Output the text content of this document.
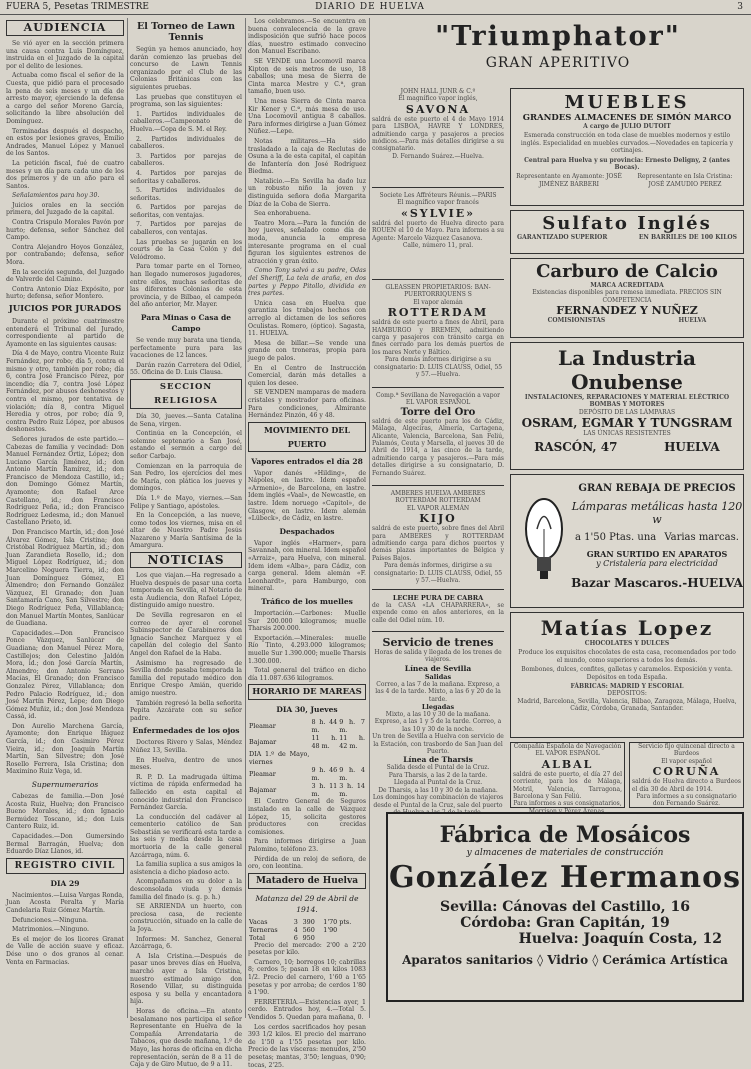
FUERA 5, Pesetas TRIMESTRE	DIARIO DE HUELVA	3
AUDIENCIA

Se vió ayer en la sección primera una causa contra Luis Domínguez, instruida en el Juzgado de la capital por el delito de lesiones.

Actuaba como fiscal el señor de la Cuesta, que pidió para el procesado la pena de seis meses y un día de arresto mayor, ejerciendo la defensa a cargo del señor Moreno García, solicitando la libre absolución del Domínguez.

Terminadas después el despacho, en estos por lesiones graves, Emilio Andrades, Manuel López y Manuel de los Santos.

La petición fiscal, fué de cuatro meses y un día para cada uno de los dos primeros y de un año para el Santos.

Señalamientos para hoy 30.

Juicios orales en la sección primera, del Juzgado de la capital.

Contra Crispulo Morales Pavón por hurto; defensa, señor Sánchez del Campo.

Contra Alejandro Hoyos González, por contrabando; defensa, señor Mora.

En la sección segunda, del Juzgado de Valverde del Camino.

Contra Antonio Díaz Expósito, por hurto; defensa, señor Montero.

JUICIOS POR JURADOS

Durante el próximo cuatrimestre entenderá el Tribunal del Jurado, correspondiente al partido de Ayamonte en las siguientes causas:

Día 4 de Mayo, contra Vicente Ruiz Fernández, por robo; día 5, contra el mismo y otro, también por robo; día 6, contra José Francisco Pérez, por incendio; día 7, contra José López Fernández, por abusos deshonestos y contra el mismo, por tentativa de violación; día 8, contra Miguel Heredia y otros, por robo; día 9, contra Pedro Ruiz López, por abusos deshonestos.

Señores jurados de este partido.—Cabezas de familia y vecindad: Don Manuel Fernández Ortiz, López; don Luciano García Jiménez, id.; don Antonio Martín Ramírez, id.; don Francisco de Mendoza Castillo, id.; don Domingo Gómez Martín, Ayamonte; don Rafael Arce Castellano, id.; don Francisco Rodríguez Peña, id.; don Francisco Rodríguez Ledesma, id.; don Manuel Castellano Prieto, id.

Don Francisco Martín, id.; don José Álvarez Gómez, Isla Cristina; don Cristóbal Rodríguez Martín, id.; don Juan Zarandieta Rosello, id.; don Miguel López Rodríguez, id.; don Marcelino Noguera Tierra, id.; don Juan Domínguez Gómez, El Almendro; don Fernando González Vázquez, El Granado; don Juan Santamaría Cano, San Silvestre; don Diego Rodríguez Peña, Villablanca; don Manuel Martín Montes, Sanlúcar de Guadiana.

Capacidades.—Don Francisco Ponce Vázquez, Sanlúcar de Guadiana; don Manuel Pérez Mora, Castillejos; don Celestino Jaldón Mora, id.; don José García Martín, Almendro; don Antonio Serrano Macías, El Granado; don Francisco Gonzalez Pérez, Villablanca; don Pedro Palacio Rodríguez, id.; don José Martín Pérez, Lepe; don Diego Gómez Muñiz, id.; don José Mendoza Cassá, id.

Don Aurelio Marchena García, Ayamonte; don Enrique Iñiguez García, id.; don Casimiro Pérez Vieira, id.; don Joaquín Martín Martín, San Silvestre; don José Rosello Ferrera, Isla Cristina; don Maximino Ruiz Vega, id.

Supernumerarios

Cabezas de familia.—Don José Acosta Ruiz, Huelva; don Francisco Bueno Morales, id.; don Ignacio Bermúdez Toscano, id.; don Luis Cantero Ruiz, id.

Capacidades.—Don Gumersindo Bermal Barragán, Huelva; don Eduardo Díaz Llanos, id.

REGISTRO CIVIL
DIA 29

Nacimientos.—Luisa Vargas Ronda, Juan Acosta Peralta y María Candelaria Ruiz Gómez Martín.

Defunciones.—Ninguna.

Matrimonios.—Ninguno.

Es el mejor de los licores Granat de Valle de acción suave y eficaz. Dése uno o dos granos al cenar. Venta en Farmacias.

El Torneo de Lawn Tennis

Según ya hemos anunciado, hoy darán comienzo las pruebas del concurso de Lawn Tennis organizado por el Club de las Colonias Británicas con las siguientes pruebas.

Las pruebas que constituyen el programa, son las siguientes:

1. Partidos individuales de caballeros.—Campeonato de Huelva.—Copa de S. M. el Rey.

2. Partidos individuales de caballeros.

3. Partidos por parejas de caballeros.

4. Partidos por parejas de señoritas y caballeros.

5. Partidos individuales de señoritas.

6. Partidos por parejas de señoritas, con ventajas.

7. Partidos por parejas de caballeros, con ventajas.

Las pruebas se jugarán en los courts de la Casa Colón y del Velódromo.

Para tomar parte en el Torneo, han llegado numerosos jugadores, entre ellos, muchas señoritas de las diferentes Colonias de esta provincia, y de Bilbao, el campeón del año anterior, Mr. Mayer.

Para Minas o Casa de Campo

Se vende muy barata una tienda, perfectamente pura para las vacaciones de 12 lances.

Darán razón Carretera del Odiel, 55. Oficina de D. Luis Clausa.

SECCION RELIGIOSA

Día 30, jueves.—Santa Catalina de Sena, virgen.

Continúa en la Concepción, el solemne septenario a San José, estando el sermón a cargo del señor Carbajo.

Comienzan en la parroquia de San Pedro, los ejercicios del mes de María, con plática los jueves y domingos.

Día 1.º de Mayo, viernes.—San Felipe y Santiago, apóstoles.

En la Concepción, a las nueve, como todos los viernes, misa en el altar de Nuestro Padre Jesús Nazareno y María Santísima de la Amargura.

NOTICIAS

Los que viajan.—Ha regresado a Huelva después de pasar una corta temporada en Sevilla, el Notario de esta Audiencia, don Rafael López, distinguido amigo nuestro.

De Sevilla regresaron en el correo de ayer el coronel Subinspector de Carabineros don Ignacio Sanchez Marquez y el capellán del colegio del Santo Angel don Rafael de la Haba.

Asimismo ha regresado de Sevilla donde pasaba temporada la familia del reputado médico don Enrique Crespo Amián, querido amigo nuestro.

También regresó la bella señorita Pepita Azcárate con su señor padre.

Enfermedades de los ojos

Doctores Rivero y Salas, Méndez Núñez 13, Sevilla.

En Huelva, dentro de unos meses.

R. P. D. La madrugada última víctima de rápida enfermedad ha fallecido en esta capital el conocido industrial don Francisco Fernández García.

La conducción del cadáver al cementerio católico de San Sebastián se verificará esta tarde a las seis y media desde la casa mortuoria de la calle general Azcárraga, núm. 6.

La familia suplica a sus amigos la asistencia a dicho piadoso acto.

Acompañamos en su dolor a la desconsolada viuda y demás familia del finado (s. g. p. h.)

SE ARRIENDA un huerto, con preciosa casa, de reciente construcción, situado en la calle de la Joya.

Informes: M. Sanchez, General Azcárraga, 6.

A Isla Cristina.—Después de pasar unos breves días en Huelva, marchó ayer a Isla Cristina, nuestro estimado amigo don Rosendo Villar, su distinguida esposa y su bella y encantadora hija.

Horas de oficina.—En atento besalamano nos participa el señor Representante en Huelva de la Compañía Arrendataria de Tabacos, que desde mañana, 1.º de Mayo, las horas de oficina en dicha representación, serán de 8 a 11 de Caja y de Giro Mutuo, de 9 a 11.

Los celebramos.—Se encuentra en buena convalecencia de la grave indisposición que sufrió hace pocos días, nuestro estimado convecino don Manuel Escribano.

SE VENDE una Locomovil marca Kipton de seis metros de uso, 18 caballos; una mesa de Sierra de Cinta marca Mestre y C.ª, gran tamaño, buen uso.

Una mesa Sierra de Cinta marca Kir Kener y C.ª, más mesa de uso. Una Locomovil antigua 8 caballos. Para informes dirigirse a Juan Gómez Núñez.—Lepe.

Notas militares.—Ha sido trasladado a la caja de Reclutas de Osuna a la de esta capital, el capitán de Infantería don José Rodríguez Biedma.

Natalicio.—En Sevilla ha dado luz un robusto niño la joven y distinguida señora doña Margarita Díaz de la Coba de Sierra.

Sea enhorabuena.

Teatro Mora.—Para la función de hoy jueves, señalado como día de moda, anuncia la empresa interesante programa en el cual figuran los siguientes estrenos de atracción y gran éxito.

Como Tony salvó a su padre, Odas del Sheriff, La tela de araña, en dos partes y Peppo Pitollo, dividida en tres partes.

Unica casa en Huelva que garantiza los trabajos hechos con arreglo al dictamen de los señores Oculistas. Romero, (óptico). Sagasta, 11. HUELVA.

Mesa de billar.—Se vende una grande con troneras, propia para juego de palos.

En el Centro de Instrucción Comercial, darán más detalles a quien los desee.

SE VENDEN mamparas de madera cristales y mostrador para oficinas. Para condiciones, Almirante Hernández Pinzón, 46 y 48.

MOVIMIENTO DEL PUERTO
Vapores entrados el día 28

Vapor danés «Hilding», de Nápoles, en lastre. Idem español «Armenio», de Barcelona, en lastre. Idem inglés «Vaal», de Newcastle, en lastre. Idem noruego «Capitol», de Glasgow, en lastre. Idem alemán «Lübeck», de Cádiz, en lastre.

Despachados

Vapor inglés «Harmer», para Savannah, con mineral. Idem español «Arraiz», para Huelva, con mineral. Idem idem «Alba», para Cádiz, con carga general. Idem alemán «F. Leonhardt», para Hamburgo, con mineral.

Tráfico de los muelles

Importación.—Carbones: Muelle Sur 200.000 kilogramos; muelle Tharsis 200.000.

Exportación.—Minerales: muelle Río Tinto, 4.293.000 kilogramos; muelle Sur 1.390.000; muelle Tharsis 1.300.000.

Total general del tráfico en dicho día 11.087.636 kilogramos.

HORARIO DE MAREAS
DIA 30, Jueves
Pleamar	8 h. 44 m.	9 h. 7 m.
Bajamar	11 h. 48 m.	11 h. 42 m.
DIA 1.º de Mayo, viernes		
Pleamar	9 h. 46 m.	9 h. 4 m.
Bajamar	3 h. 11 m.	3 h. 14 m.

El Centro General de Seguros instalado en la calle de Vázquez López, 15, solicita gestores productores con crecidas comisiones.

Para informes dirigirse a Juan Palomino, teléfono 23.

Pérdida de un reloj de señora, de oro, con leontina.

Matadero de Huelva
Matanza del 29 de Abril de 1914.
Vacas	3	390	1'70 pts.
Terneras	4	560	1'90
Total	6	950	

Precio del mercado: 2'00 a 2'20 pesetas por kilo.

Carnero, 10; borregos 10; cabrillas 8; cerdos 5; pasan 18 en kilos 1083 1/2. Precio del carnero, 1'60 a 1'65 pesetas y por arroba; de cerdos 1'80 a 1'90.

FERRETERIA.—Existencias ayer, 1 cerdo. Entrados hoy, 4.—Total 5. Vendidos 5. Quedan para mañana, 0.

Los cerdos sacrificados hoy pesan 393 1/2 kilos. El precio del marrano de 1'50 a 1'55 pesetas por kilo. Precio de las vísceras: menudos, 2'50 pesetas; mantas, 3'50; lenguas, 0'90; tocas, 2'25.

"Triumphator"
GRAN APERITIVO
JOHN HALL JUNR & C.º
El magnífico vapor inglés,
SAVONA
saldrá de este puerto el 4 de Mayo 1914 para LISBOA, HAVRE Y LONDRES, admitiendo carga y pasajeros a precios módicos.—Para más detalles dirigirse a su consignatario.
D. Fernando Suárez.—Huelva.
Societe Les Affréteurs Réunis.—PARIS
El magnífico vapor francés
«SYLVIE»
saldrá del puerto de Huelva directo para ROUEN el 10 de Mayo. Para informes a su Agente: Marcelo Vázquez Casanova.
Calle, número 11, pral.
GLEASSEN PROPIETARIOS: BAN-PUERTORRIQUENS S
El vapor alemán
ROTTERDAM
saldrá de este puerto a fines de Abril, para HAMBURGO y BREMEN, admitiendo carga y pasajeros con tránsito carga en fines cerrado para los demás puertos de los mares Norte y Báltico.
Para demás informes dirigirse a su consignatario: D. LUIS CLAUSS, Odiel, 55 y 57.—Huelva.
Comp.ª Sevillana de Navegación a vapor
EL VAPOR ESPAÑOL
Torre del Oro
saldrá de este puerto para los de Cádiz, Málaga, Algeciras, Almería, Cartagena, Alicante, Valencia, Barcelona, San Feliú, Palamós, Ceuta y Marsella, el jueves 30 de Abril de 1914, a las cinco de la tarde, admitiendo carga y pasajeros.—Para más detalles dirigirse a su consignatario, D. Fernando Suárez.
AMBERES HUELVA AMBERES
ROTTERDAM ROTTERDAM
EL VAPOR ALEMÁN
KIJO
saldrá de este puerto, sobre fines del Abril para AMBERES y ROTTERDAM admitiendo carga para dichos puertos y demás plazas importantes de Bélgica y Países Bajos.
Para demás informes, dirigirse a su consignatario: D. LUIS CLAUSS, Odiel, 55 y 57.—Huelva.
LECHE PURA DE CABRA
de la CASA «LA CHAPARRERA», se expende como en años anteriores, en la calle del Odiel núm. 10.
Servicio de trenes
Horas de salida y llegada de los trenes de viajeros.
Línea de Sevilla
Salidas
Correo, a las 7 de la mañana. Expreso, a las 4 de la tarde. Mixto, a las 6 y 20 de la tarde.
Llegadas
Mixto, a las 10 y 30 de la mañana. Expreso, a las 1 y 5 de la tarde. Correo, a las 10 y 30 de la noche.
Un tren de Sevilla a Huelva con servicio de la Estación, con trasbordo de San Juan del Puerto.
Línea de Tharsis
Salida desde el Puntal de la Cruz.
Para Tharsis, a las 2 de la tarde.
Llegada al Puntal de la Cruz.
De Tharsis, a las 10 y 30 de la mañana.
Los domingos hay combinación de viajeros desde el Puntal de la Cruz, sale del puerto
MUEBLES
GRANDES ALMACENES DE SIMÓN MARCO
A cargo de JULIO DUTOIT
Esmerada construcción en toda clase de muebles modernos y estilo inglés. Especialidad en muebles curvados.—Novedades en tapicería y cortinajes.
Central para Huelva y su provincia: Ernesto Deligny, 2 (antes Bocas).
Representante en Ayamonte: JOSÉ JIMÉNEZ BARBERI
Representante en Isla Cristina: JOSÉ ZAMUDIO PEREZ
Sulfato Inglés
GARANTIZADO SUPERIOR	EN BARRILES DE 100 KILOS
Carburo de Calcio
MARCA ACREDITADA
Existencias disponibles para remesa inmediata. PRECIOS SIN COMPETENCIA
FERNANDEZ Y NUÑEZ
COMISIONISTAS	HUELVA
La Industria Onubense
INSTALACIONES, REPARACIONES Y MATERIAL ELÉCTRICO
BOMBAS Y MOTORES
DEPÓSITO DE LAS LÁMPARAS
OSRAM, EGMAR Y TUNGSRAM
LAS ÚNICAS RESISTENTES
RASCÓN, 47	HUELVA
GRAN REBAJA DE PRECIOS
Lámparas metálicas hasta 120 w
a 1'50 Ptas. una Varias marcas.
GRAN SURTIDO EN APARATOS
y Cristalería para electricidad
Bazar Mascaros.-HUELVA
Matías Lopez
CHOCOLATES Y DULCES
Produce los exquisitos chocolates de esta casa, recomendados por todo el mundo, como superiores a todos los demás.
Bombones, dulces, confites, galletas y caramelos. Exposición y venta. Depósitos en toda España.
FÁBRICAS: MADRID Y ESCORIAL
DEPÓSITOS:
Madrid, Barcelona, Sevilla, Valencia, Bilbao, Zaragoza, Málaga, Huelva, Cádiz, Córdoba, Granada, Santander.
Compañía Española de Navegación
EL VAPOR ESPAÑOL
ALBAL
saldrá de este puerto, el día 27 del corriente, para los de Málaga, Motril, Valencia, Tarragona, Barcelona y San Feliú.
Para informes a sus consignatarios,
Servicio fijo quincenal directo a Burdeos
El vapor español
CORUÑA
saldrá de Huelva directo a Burdeos el día 30 de Abril de 1914.
Para informes a su consignatario don Fernando Suárez.
Fábrica de Mosáicos
y almacenes de materiales de construcción
González Hermanos
Sevilla: Cánovas del Castillo, 16
Córdoba: Gran Capitán, 19
Huelva: Joaquín Costa, 12
Aparatos sanitarios ◊ Vidrio ◊ Cerámica Artística
